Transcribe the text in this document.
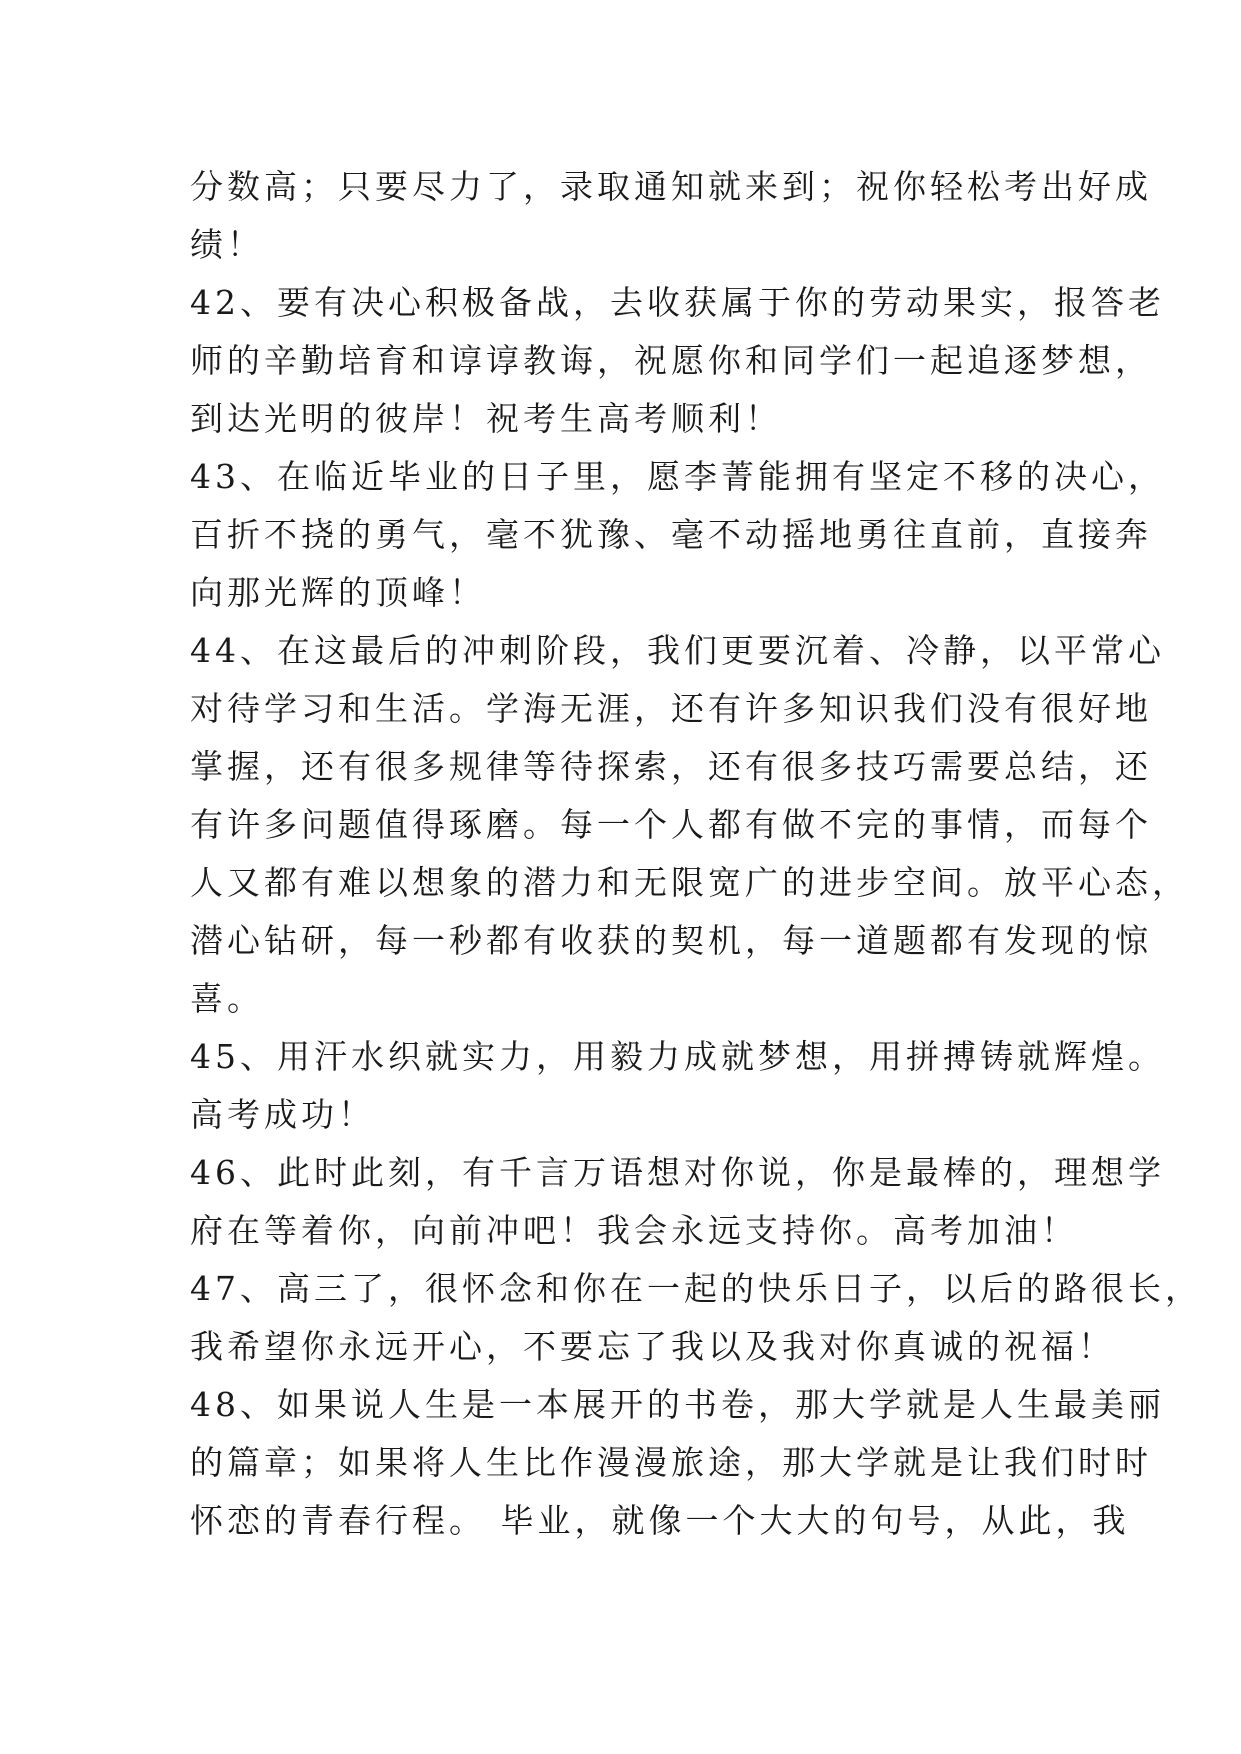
分数高；只要尽力了，录取通知就来到；祝你轻松考出好成
绩！
42、要有决心积极备战，去收获属于你的劳动果实，报答老
师的辛勤培育和谆谆教诲，祝愿你和同学们一起追逐梦想，
到达光明的彼岸！祝考生高考顺利！
43、在临近毕业的日子里，愿李菁能拥有坚定不移的决心，
百折不挠的勇气，毫不犹豫、毫不动摇地勇往直前，直接奔
向那光辉的顶峰！
44、在这最后的冲刺阶段，我们更要沉着、冷静，以平常心
对待学习和生活。学海无涯，还有许多知识我们没有很好地
掌握，还有很多规律等待探索，还有很多技巧需要总结，还
有许多问题值得琢磨。每一个人都有做不完的事情，而每个
人又都有难以想象的潜力和无限宽广的进步空间。放平心态，
潜心钻研，每一秒都有收获的契机，每一道题都有发现的惊
喜。
45、用汗水织就实力，用毅力成就梦想，用拼搏铸就辉煌。
高考成功！
46、此时此刻，有千言万语想对你说，你是最棒的，理想学
府在等着你，向前冲吧！我会永远支持你。高考加油！
47、高三了，很怀念和你在一起的快乐日子，以后的路很长，
我希望你永远开心，不要忘了我以及我对你真诚的祝福！
48、如果说人生是一本展开的书卷，那大学就是人生最美丽
的篇章；如果将人生比作漫漫旅途，那大学就是让我们时时
怀恋的青春行程。 毕业，就像一个大大的句号，从此，我
